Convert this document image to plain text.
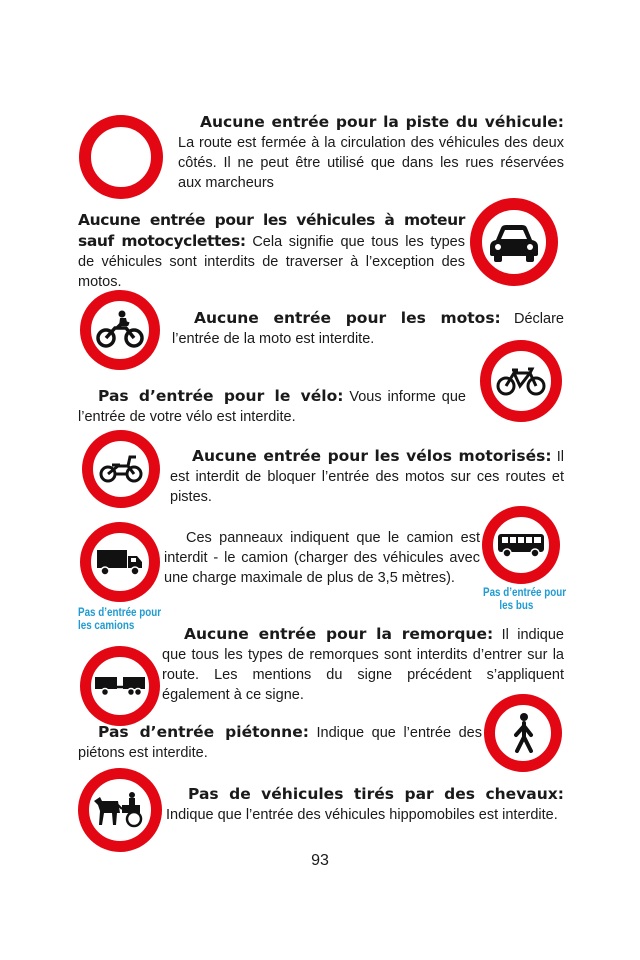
Aucune entrée pour la piste du véhicule: La route est fermée à la circulation des véhicules des deux côtés. Il ne peut être utilisé que dans les rues réservées aux marcheurs

Aucune entrée pour les véhicules à moteur sauf motocyclettes: Cela signifie que tous les types de véhicules sont interdits de traverser à l’exception des motos.

Aucune entrée pour les motos: Déclare l’entrée de la moto est interdite.

Pas d’entrée pour le vélo: Vous informe que l’entrée de votre vélo est interdite.

Aucune entrée pour les vélos motorisés: Il est interdit de bloquer l’entrée des motos sur ces routes et pistes.

Ces panneaux indiquent que le camion est interdit - le camion (charger des véhicules avec une charge maximale de plus de 3,5 mètres).

Pas d’entrée pour
les camions
Pas d’entrée pour
les bus

Aucune entrée pour la remorque: Il indique que tous les types de remorques sont interdits d’entrer sur la route. Les mentions du signe précédent s’appliquent également à ce signe.

Pas d’entrée piétonne: Indique que l’entrée des piétons est interdite.

Pas de véhicules tirés par des chevaux: Indique que l’entrée des véhicules hippomobiles est interdite.

93
